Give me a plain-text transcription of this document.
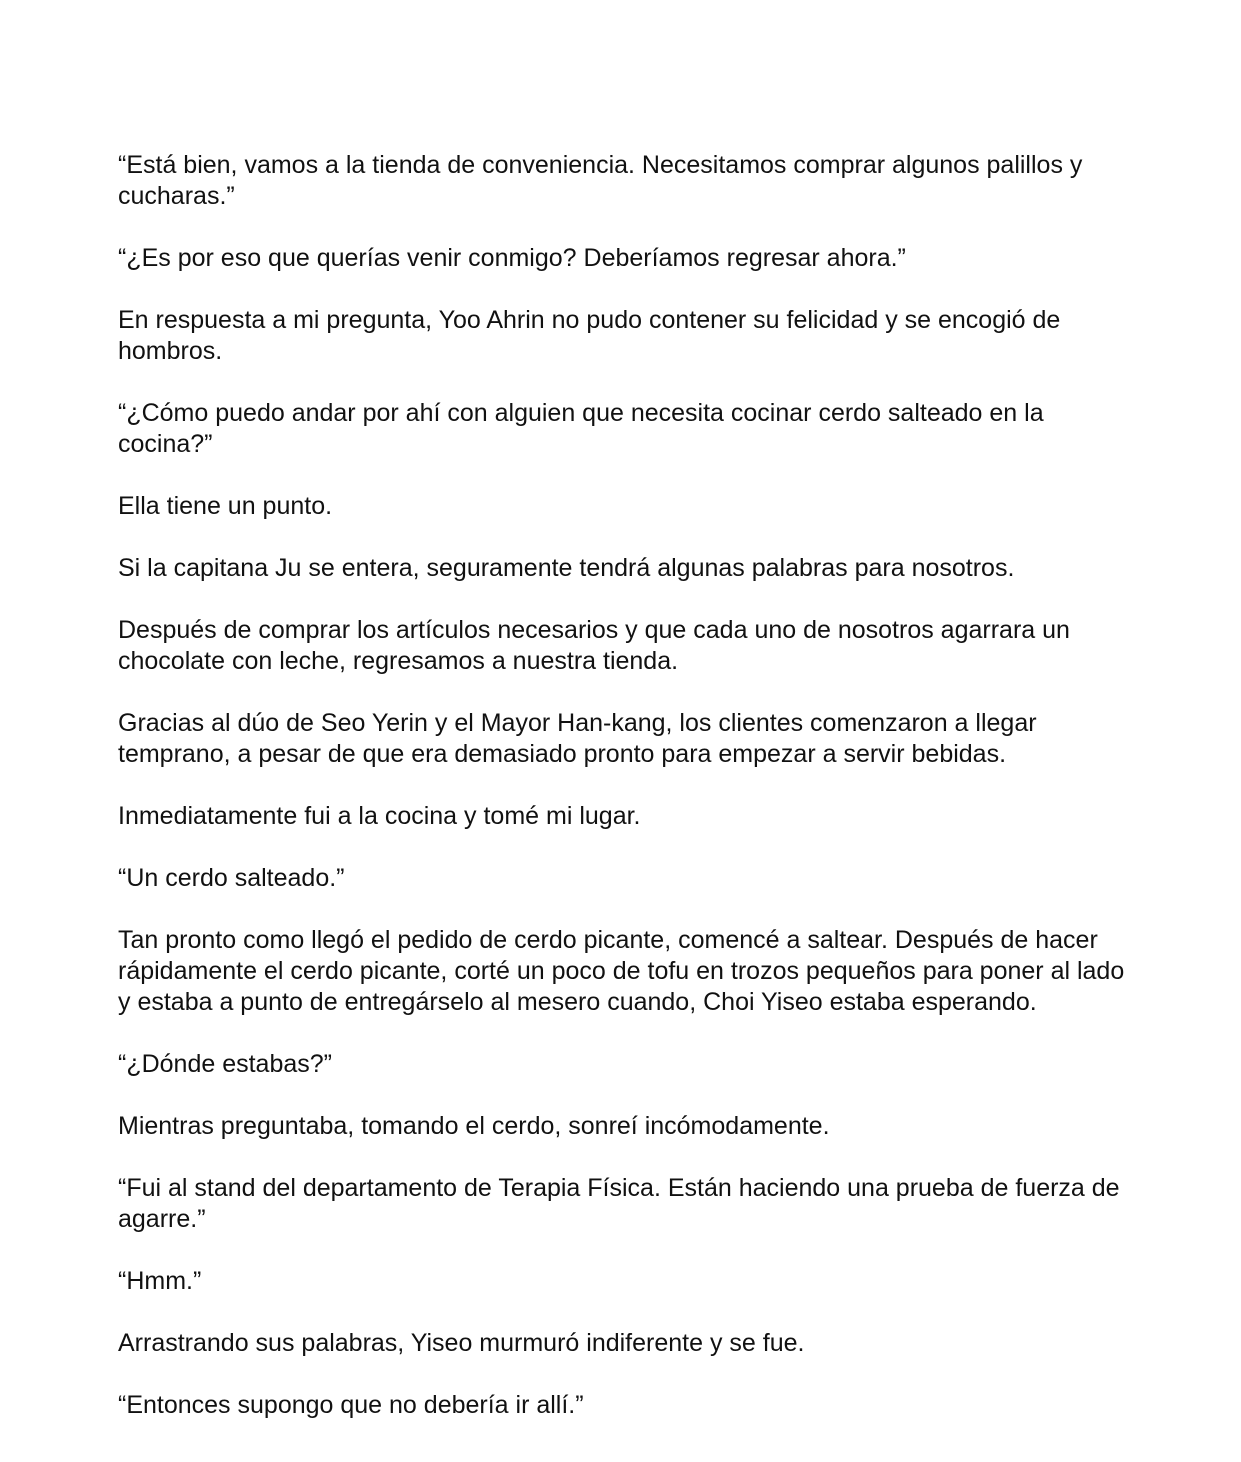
“Está bien, vamos a la tienda de conveniencia. Necesitamos comprar algunos palillos y cucharas.”

“¿Es por eso que querías venir conmigo? Deberíamos regresar ahora.”

En respuesta a mi pregunta, Yoo Ahrin no pudo contener su felicidad y se encogió de hombros.

“¿Cómo puedo andar por ahí con alguien que necesita cocinar cerdo salteado en la cocina?”

Ella tiene un punto.

Si la capitana Ju se entera, seguramente tendrá algunas palabras para nosotros.

Después de comprar los artículos necesarios y que cada uno de nosotros agarrara un chocolate con leche, regresamos a nuestra tienda.

Gracias al dúo de Seo Yerin y el Mayor Han-kang, los clientes comenzaron a llegar temprano, a pesar de que era demasiado pronto para empezar a servir bebidas.

Inmediatamente fui a la cocina y tomé mi lugar.

“Un cerdo salteado.”

Tan pronto como llegó el pedido de cerdo picante, comencé a saltear. Después de hacer rápidamente el cerdo picante, corté un poco de tofu en trozos pequeños para poner al lado y estaba a punto de entregárselo al mesero cuando, Choi Yiseo estaba esperando.

“¿Dónde estabas?”

Mientras preguntaba, tomando el cerdo, sonreí incómodamente.

“Fui al stand del departamento de Terapia Física. Están haciendo una prueba de fuerza de agarre.”

“Hmm.”

Arrastrando sus palabras, Yiseo murmuró indiferente y se fue.

“Entonces supongo que no debería ir allí.”
